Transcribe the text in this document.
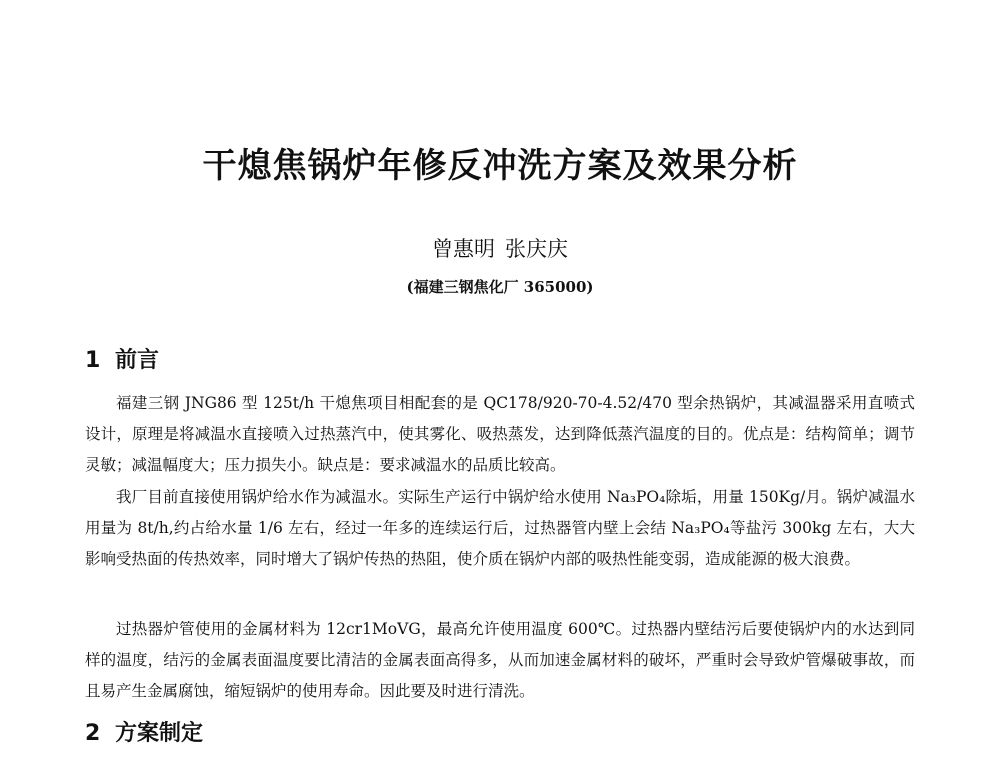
干熄焦锅炉年修反冲洗方案及效果分析
曾惠明 张庆庆
(福建三钢焦化厂 365000)
1 前言

福建三钢 JNG86 型 125t/h 干熄焦项目相配套的是 QC178/920-70-4.52/470 型余热锅炉，其减温器采用直喷式设计，原理是将减温水直接喷入过热蒸汽中，使其雾化、吸热蒸发，达到降低蒸汽温度的目的。优点是：结构简单；调节灵敏；减温幅度大；压力损失小。缺点是：要求减温水的品质比较高。

我厂目前直接使用锅炉给水作为减温水。实际生产运行中锅炉给水使用 Na₃PO₄除垢，用量 150Kg/月。锅炉减温水用量为 8t/h,约占给水量 1/6 左右，经过一年多的连续运行后，过热器管内壁上会结 Na₃PO₄等盐污 300kg 左右，大大影响受热面的传热效率，同时增大了锅炉传热的热阻，使介质在锅炉内部的吸热性能变弱，造成能源的极大浪费。

过热器炉管使用的金属材料为 12cr1MoVG，最高允许使用温度 600℃。过热器内壁结污后要使锅炉内的水达到同样的温度，结污的金属表面温度要比清洁的金属表面高得多，从而加速金属材料的破坏，严重时会导致炉管爆破事故，而且易产生金属腐蚀，缩短锅炉的使用寿命。因此要及时进行清洗。

2 方案制定
